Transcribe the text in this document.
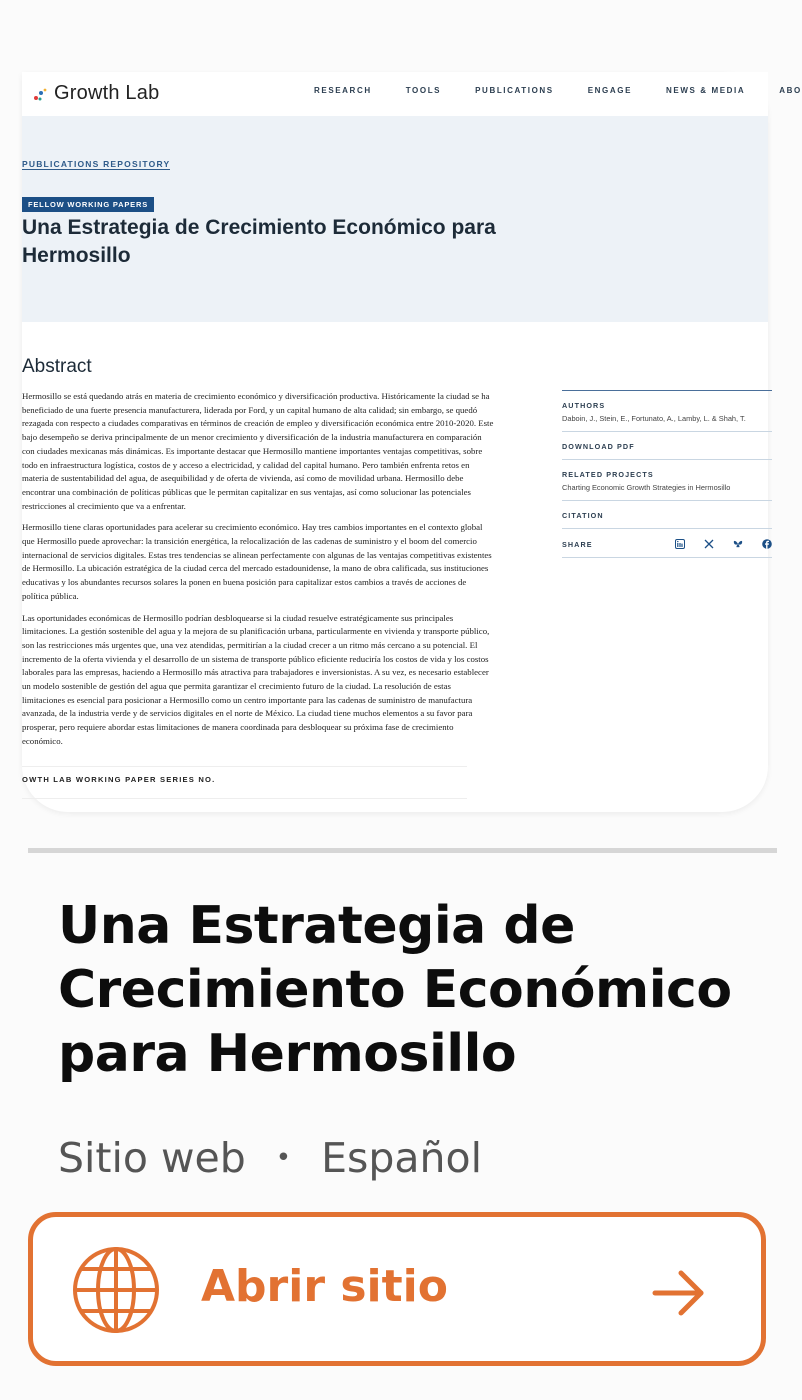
Growth Lab	RESEARCH	TOOLS	PUBLICATIONS	ENGAGE	NEWS & MEDIA	ABO
PUBLICATIONS REPOSITORY
FELLOW WORKING PAPERS
Una Estrategia de Crecimiento Económico para Hermosillo
Abstract

Hermosillo se está quedando atrás en materia de crecimiento económico y diversificación productiva. Históricamente la ciudad se ha beneficiado de una fuerte presencia manufacturera, liderada por Ford, y un capital humano de alta calidad; sin embargo, se quedó rezagada con respecto a ciudades comparativas en términos de creación de empleo y diversificación económica entre 2010-2020. Este bajo desempeño se deriva principalmente de un menor crecimiento y diversificación de la industria manufacturera en comparación con ciudades mexicanas más dinámicas. Es importante destacar que Hermosillo mantiene importantes ventajas competitivas, sobre todo en infraestructura logística, costos de y acceso a electricidad, y calidad del capital humano. Pero también enfrenta retos en materia de sustentabilidad del agua, de asequibilidad y de oferta de vivienda, así como de movilidad urbana. Hermosillo debe encontrar una combinación de políticas públicas que le permitan capitalizar en sus ventajas, así como solucionar las potenciales restricciones al crecimiento que va a enfrentar.

Hermosillo tiene claras oportunidades para acelerar su crecimiento económico. Hay tres cambios importantes en el contexto global que Hermosillo puede aprovechar: la transición energética, la relocalización de las cadenas de suministro y el boom del comercio internacional de servicios digitales. Estas tres tendencias se alinean perfectamente con algunas de las ventajas competitivas existentes de Hermosillo. La ubicación estratégica de la ciudad cerca del mercado estadounidense, la mano de obra calificada, sus instituciones educativas y los abundantes recursos solares la ponen en buena posición para capitalizar estos cambios a través de acciones de política pública.

Las oportunidades económicas de Hermosillo podrían desbloquearse si la ciudad resuelve estratégicamente sus principales limitaciones. La gestión sostenible del agua y la mejora de su planificación urbana, particularmente en vivienda y transporte público, son las restricciones más urgentes que, una vez atendidas, permitirían a la ciudad crecer a un ritmo más cercano a su potencial. El incremento de la oferta vivienda y el desarrollo de un sistema de transporte público eficiente reduciría los costos de vida y los costos laborales para las empresas, haciendo a Hermosillo más atractiva para trabajadores e inversionistas. A su vez, es necesario establecer un modelo sostenible de gestión del agua que permita garantizar el crecimiento futuro de la ciudad. La resolución de estas limitaciones es esencial para posicionar a Hermosillo como un centro importante para las cadenas de suministro de manufactura avanzada, de la industria verde y de servicios digitales en el norte de México. La ciudad tiene muchos elementos a su favor para prosperar, pero requiere abordar estas limitaciones de manera coordinada para desbloquear su próxima fase de crecimiento económico.

AUTHORS
Daboin, J., Stein, E., Fortunato, A., Lamby, L. & Shah, T.
DOWNLOAD PDF
RELATED PROJECTS
Charting Economic Growth Strategies in Hermosillo
CITATION
SHARE
OWTH LAB WORKING PAPER SERIES NO.
Una Estrategia de Crecimiento Económico para Hermosillo
Sitio web • Español
Abrir sitio
